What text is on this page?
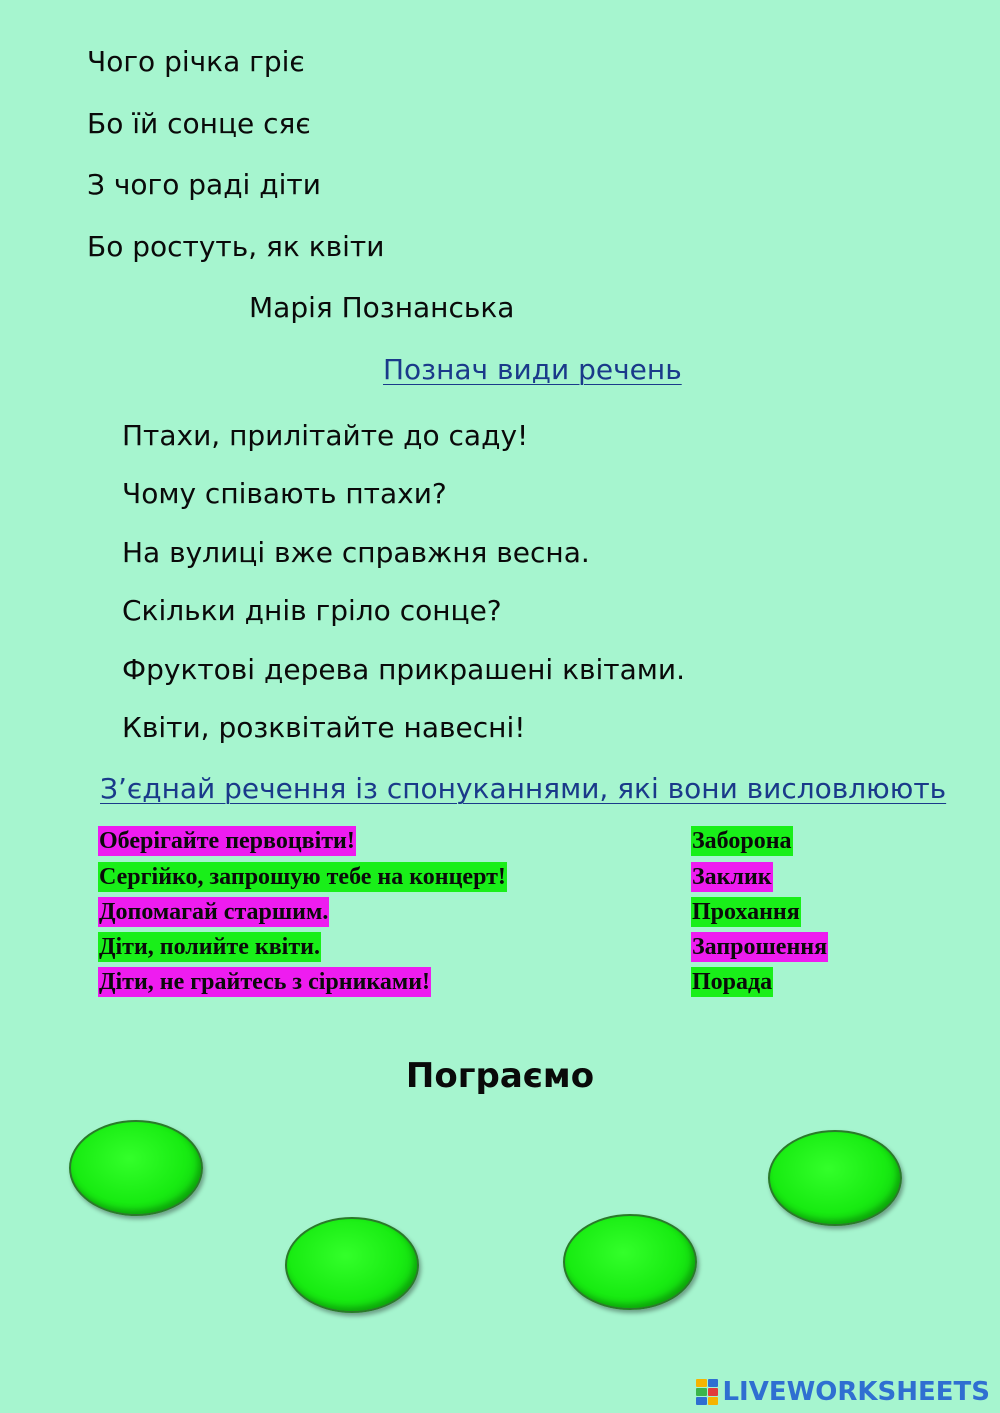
Чого річка гріє
Бо їй сонце сяє
З чого раді діти
Бо ростуть, як квіти
Марія Познанська
Познач види речень
Птахи, прилітайте до саду!
Чому співають птахи?
На вулиці вже справжня весна.
Скільки днів гріло сонце?
Фруктові дерева прикрашені квітами.
Квіти, розквітайте навесні!
З’єднай речення із спонуканнями, які вони висловлюють
Оберігайте первоцвіти!
Сергійко, запрошую тебе на концерт!
Допомагай старшим.
Діти, полийте квіти.
Діти, не грайтесь з сірниками!
Заборона
Заклик
Прохання
Запрошення
Порада
Пограємо
LIVEWORKSHEETS
